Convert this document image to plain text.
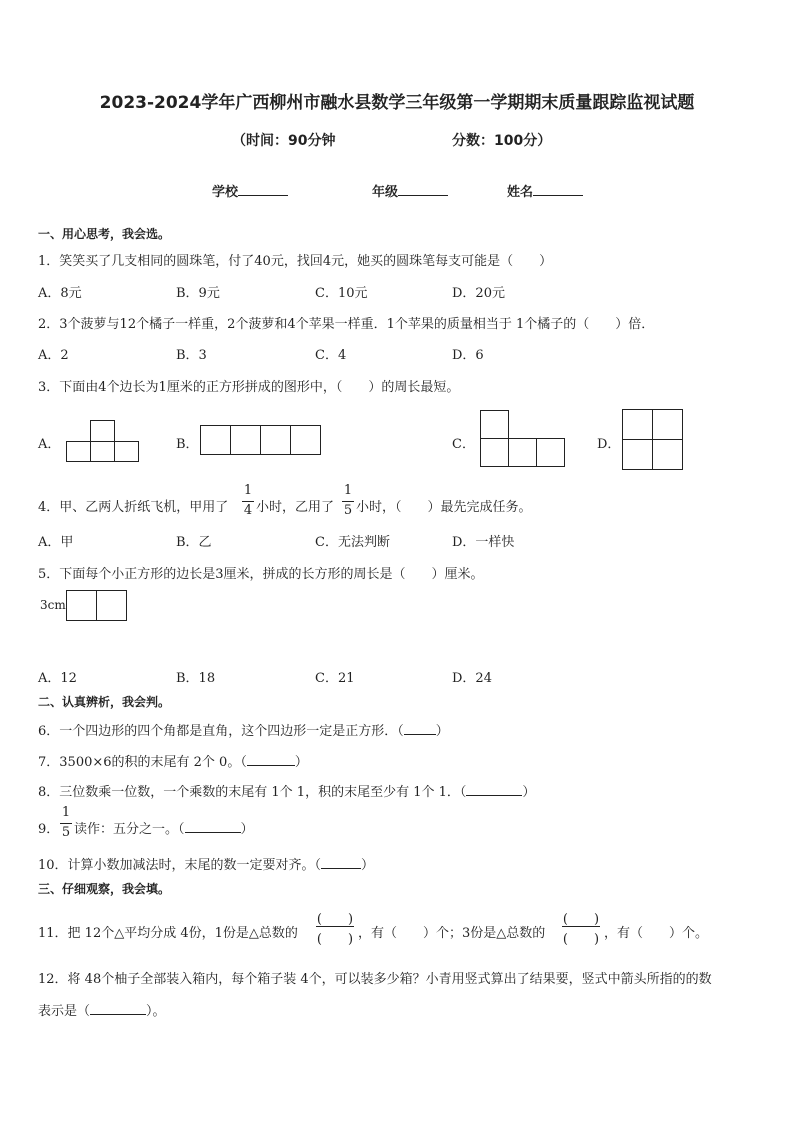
2023-2024学年广西柳州市融水县数学三年级第一学期期末质量跟踪监视试题
（时间：90分钟	分数：100分）
学校	年级	姓名
一、用心思考，我会选。
1．笑笑买了几支相同的圆珠笔，付了40元，找回4元，她买的圆珠笔每支可能是（　　）
A．8元	B．9元	C．10元	D．20元
2．3个菠萝与12个橘子一样重，2个菠萝和4个苹果一样重．1个苹果的质量相当于 1个橘子的（　　）倍．
A．2	B．3	C．4	D．6
3．下面由4个边长为1厘米的正方形拼成的图形中，（　　）的周长最短。
A．	B．	C．	D．
4．甲、乙两人折纸飞机，甲用了
1
4 小时，乙用了
1
5 小时，（　　）最先完成任务。
A．甲	B．乙	C．无法判断	D．一样快
5．下面每个小正方形的边长是3厘米，拼成的长方形的周长是（　　）厘米。
3cm
A．12	B．18	C．21	D．24
二、认真辨析，我会判。
6．一个四边形的四个角都是直角，这个四边形一定是正方形．（ ）
7．3500×6的积的末尾有 2个 0。（	）
8．三位数乘一位数，一个乘数的末尾有 1个 1，积的末尾至少有 1个 1．（	）
9．
1
5 读作：五分之一。（	）
10．计算小数加减法时，末尾的数一定要对齐。（	）
三、仔细观察，我会填。
11．把 12个△平均分成 4份，1份是△总数的
(　　)
(　　) ，有（　　）个；3份是△总数的
(　　)
(　　) ，有（　　）个。
12．将 48个柚子全部装入箱内，每个箱子装 4个，可以装多少箱？小青用竖式算出了结果要，竖式中箭头所指的的数
表示是（	）。
